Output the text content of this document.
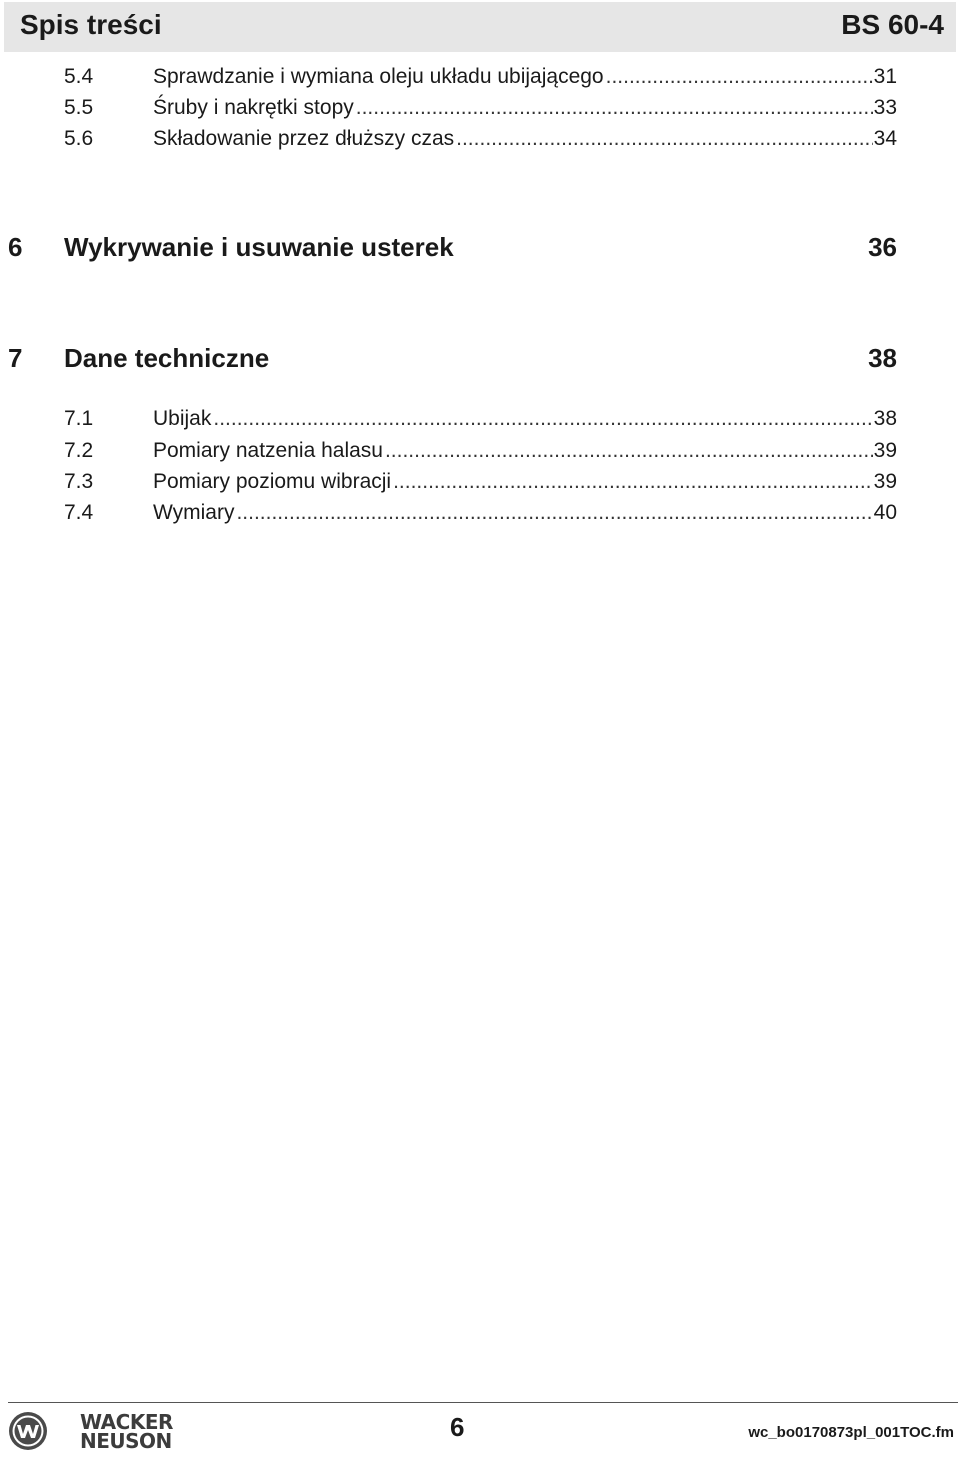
Spis treści	BS 60-4
5.4	Sprawdzanie i wymiana oleju układu ubijającego .....	31
5.5	Śruby i nakrętki stopy .....	33
5.6	Składowanie przez dłuższy czas .....	34
6 Wykrywanie i usuwanie usterek	36
7 Dane techniczne	38
7.1	Ubijak .....	38
7.2	Pomiary natzenia halasu .....	39
7.3	Pomiary poziomu wibracji .....	39
7.4	Wymiary .....	40
WACKER
NEUSON	6	wc_bo0170873pl_001TOC.fm
